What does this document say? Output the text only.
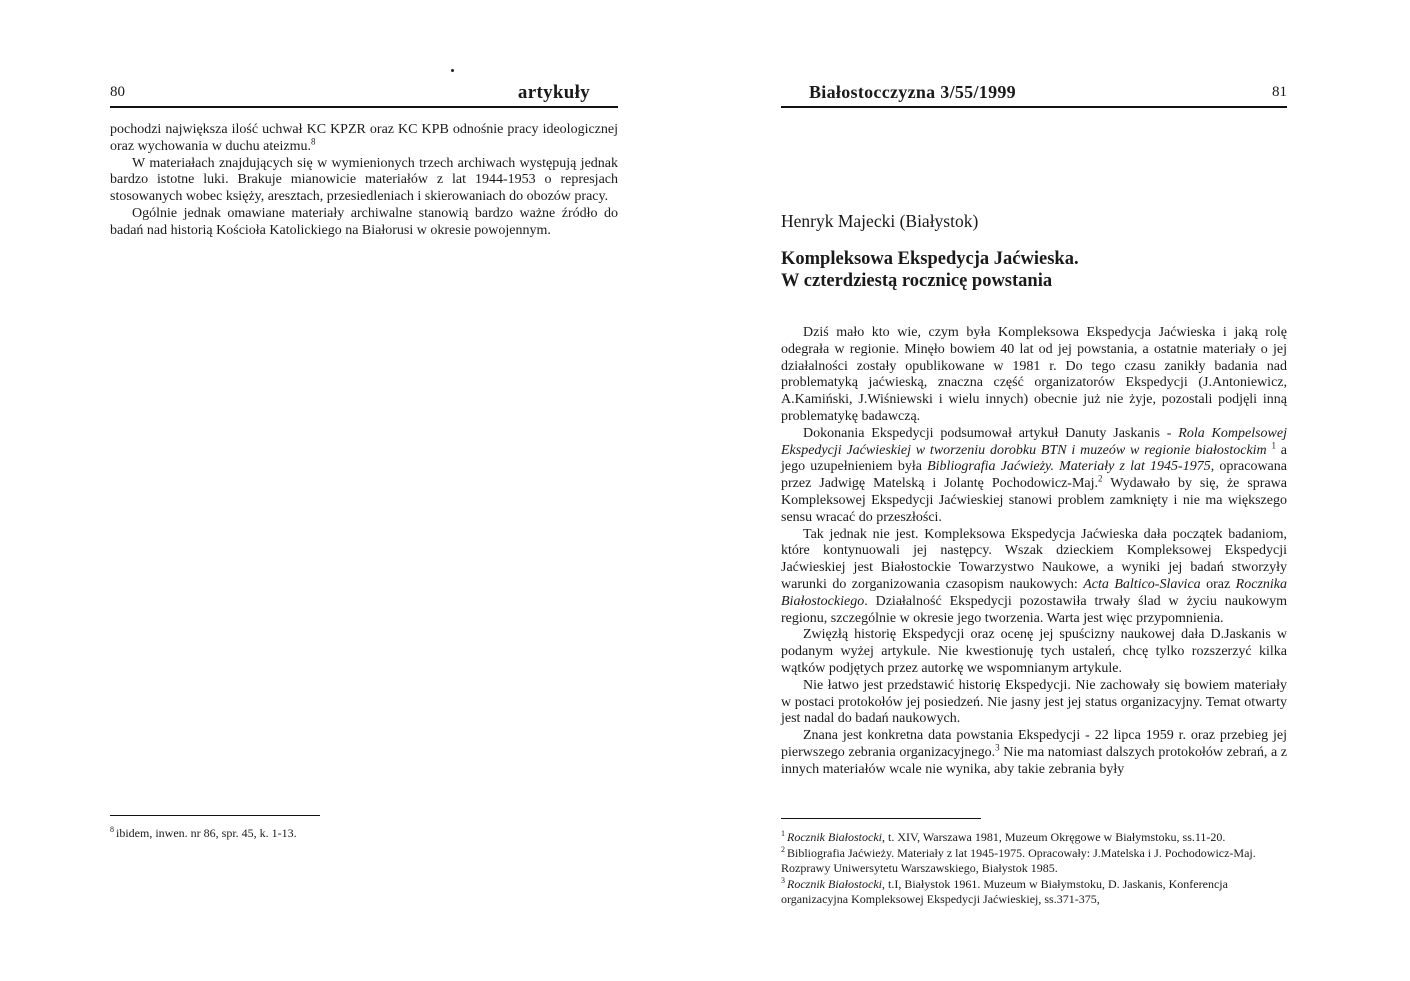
80	artykuły

pochodzi największa ilość uchwał KC KPZR oraz KC KPB odnośnie pracy ideologicznej oraz wychowania w duchu ateizmu.$^8$

W materiałach znajdujących się w wymienionych trzech archiwach występują jednak bardzo istotne luki. Brakuje mianowicie materiałów z lat 1944-1953 o represjach stosowanych wobec księży, aresztach, przesiedleniach i skierowaniach do obozów pracy.

Ogólnie jednak omawiane materiały archiwalne stanowią bardzo ważne źródło do badań nad historią Kościoła Katolickiego na Białorusi w okresie powojennym.

$^8$ ibidem, inwen. nr 86, spr. 45, k. 1-13.

Białostocczyzna 3/55/1999	81
Henryk Majecki (Białystok)
Kompleksowa Ekspedycja Jaćwieska.
W czterdziestą rocznicę powstania

Dziś mało kto wie, czym była Kompleksowa Ekspedycja Jaćwieska i jaką rolę odegrała w regionie. Minęło bowiem 40 lat od jej powstania, a ostatnie materiały o jej działalności zostały opublikowane w 1981 r. Do tego czasu zanikły badania nad problematyką jaćwieską, znaczna część organizatorów Ekspedycji (J.Antoniewicz, A.Kamiński, J.Wiśniewski i wielu innych) obecnie już nie żyje, pozostali podjęli inną problematykę badawczą.

Dokonania Ekspedycji podsumował artykuł Danuty Jaskanis - Rola Kompelsowej Ekspedycji Jaćwieskiej w tworzeniu dorobku BTN i muzeów w regionie białostockim $^1$ a jego uzupełnieniem była Bibliografia Jaćwieży. Materiały z lat 1945-1975, opracowana przez Jadwigę Matelską i Jolantę Pochodowicz-Maj.$^2$ Wydawało by się, że sprawa Kompleksowej Ekspedycji Jaćwieskiej stanowi problem zamknięty i nie ma większego sensu wracać do przeszłości.

Tak jednak nie jest. Kompleksowa Ekspedycja Jaćwieska dała początek badaniom, które kontynuowali jej następcy. Wszak dzieckiem Kompleksowej Ekspedycji Jaćwieskiej jest Białostockie Towarzystwo Naukowe, a wyniki jej badań stworzyły warunki do zorganizowania czasopism naukowych: Acta Baltico-Slavica oraz Rocznika Białostockiego. Działalność Ekspedycji pozostawiła trwały ślad w życiu naukowym regionu, szczególnie w okresie jego tworzenia. Warta jest więc przypomnienia.

Zwięzłą historię Ekspedycji oraz ocenę jej spuścizny naukowej dała D.Jaskanis w podanym wyżej artykule. Nie kwestionuję tych ustaleń, chcę tylko rozszerzyć kilka wątków podjętych przez autorkę we wspomnianym artykule.

Nie łatwo jest przedstawić historię Ekspedycji. Nie zachowały się bowiem materiały w postaci protokołów jej posiedzeń. Nie jasny jest jej status organizacyjny. Temat otwarty jest nadal do badań naukowych.

Znana jest konkretna data powstania Ekspedycji - 22 lipca 1959 r. oraz przebieg jej pierwszego zebrania organizacyjnego.$^3$ Nie ma natomiast dalszych protokołów zebrań, a z innych materiałów wcale nie wynika, aby takie zebrania były

$^1$ Rocznik Białostocki, t. XIV, Warszawa 1981, Muzeum Okręgowe w Białymstoku, ss.11-20.

$^2$ Bibliografia Jaćwieży. Materiały z lat 1945-1975. Opracowały: J.Matelska i J. Pochodowicz-Maj. Rozprawy Uniwersytetu Warszawskiego, Białystok 1985.

$^3$ Rocznik Białostocki, t.I, Białystok 1961. Muzeum w Białymstoku, D. Jaskanis, Konferencja organizacyjna Kompleksowej Ekspedycji Jaćwieskiej, ss.371-375,
